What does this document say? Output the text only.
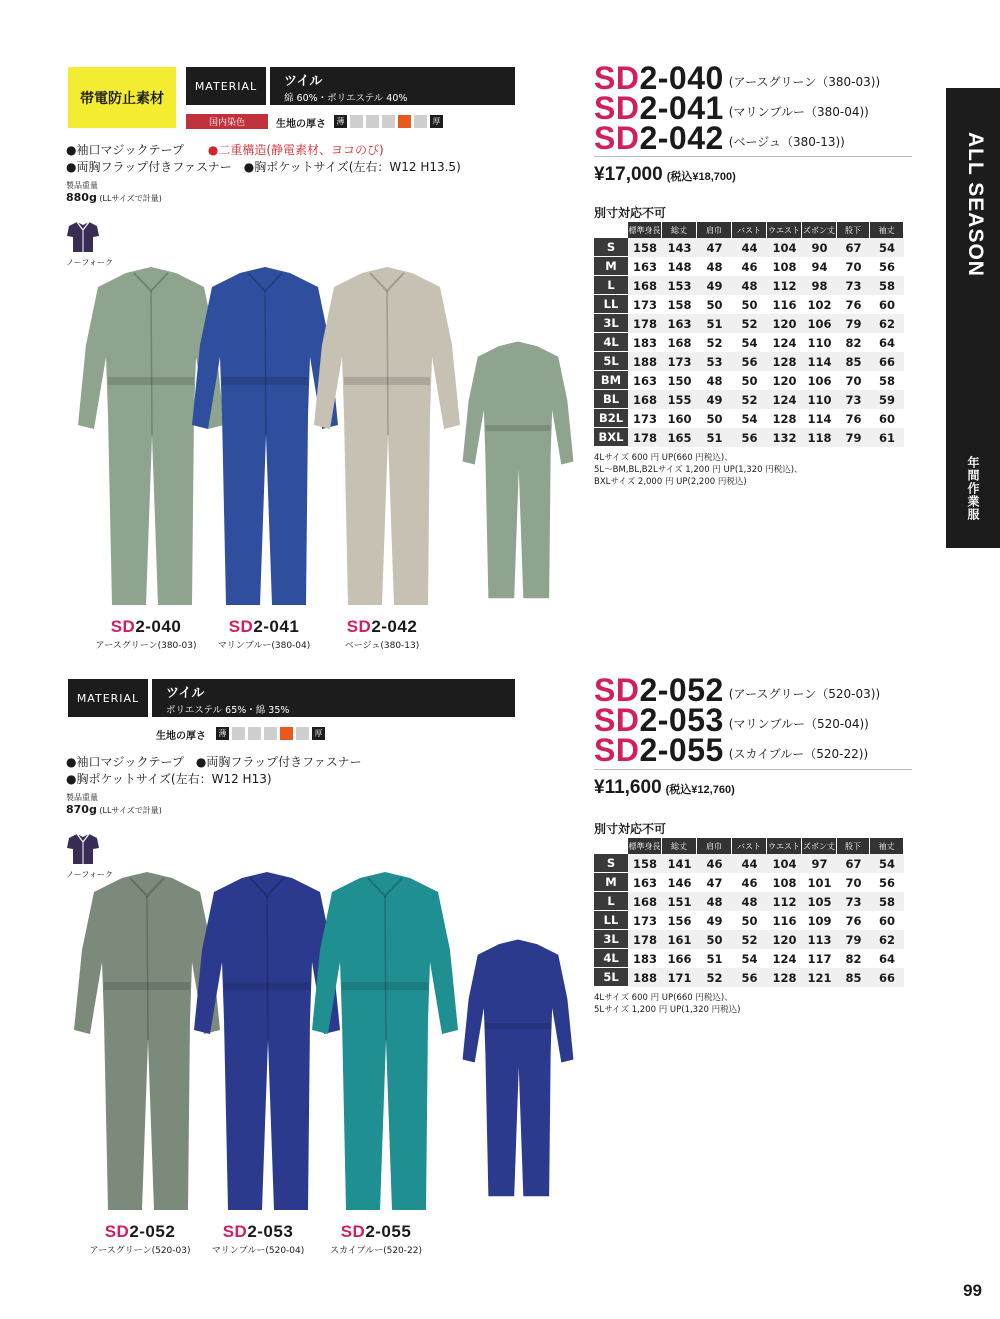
ALL SEASON
年間作業服
99
帯電防止素材
MATERIAL	ツイル
綿 60%・ポリエステル 40%
国内染色	生地の厚さ	薄	厚
●袖口マジックテープ　　 ●二重構造(静電素材、ヨコのび)
●両胸フラップ付きファスナー　 ●胸ポケットサイズ(左右：W12 H13.5)
製品重量
880g (LLサイズで計量)
ノーフォーク
SD2-040
アースグリーン(380-03)
SD2-041
マリンブルー(380-04)
SD2-042
ベージュ(380-13)
SD2-040 (アースグリーン（380-03))
SD2-041 (マリンブルー（380-04))
SD2-042 (ベージュ（380-13))
¥17,000 (税込¥18,700)
別寸対応不可
	標準身長	総丈	肩巾	バスト	ウエスト	ズボン丈	股下	袖丈
S	158	143	47	44	104	90	67	54
M	163	148	48	46	108	94	70	56
L	168	153	49	48	112	98	73	58
LL	173	158	50	50	116	102	76	60
3L	178	163	51	52	120	106	79	62
4L	183	168	52	54	124	110	82	64
5L	188	173	53	56	128	114	85	66
BM	163	150	48	50	120	106	70	58
BL	168	155	49	52	124	110	73	59
B2L	173	160	50	54	128	114	76	60
BXL	178	165	51	56	132	118	79	61
4Lサイズ 600 円 UP(660 円税込)、
5L～BM,BL,B2Lサイズ 1,200 円 UP(1,320 円税込)、
BXLサイズ 2,000 円 UP(2,200 円税込)
MATERIAL	ツイル
ポリエステル 65%・綿 35%
生地の厚さ	薄	厚
●袖口マジックテープ　●両胸フラップ付きファスナー
●胸ポケットサイズ(左右：W12 H13)
製品重量
870g (LLサイズで計量)
ノーフォーク
SD2-052
アースグリーン(520-03)
SD2-053
マリンブルー(520-04)
SD2-055
スカイブルー(520-22)
SD2-052 (アースグリーン（520-03))
SD2-053 (マリンブルー（520-04))
SD2-055 (スカイブルー（520-22))
¥11,600 (税込¥12,760)
別寸対応不可
	標準身長	総丈	肩巾	バスト	ウエスト	ズボン丈	股下	袖丈
S	158	141	46	44	104	97	67	54
M	163	146	47	46	108	101	70	56
L	168	151	48	48	112	105	73	58
LL	173	156	49	50	116	109	76	60
3L	178	161	50	52	120	113	79	62
4L	183	166	51	54	124	117	82	64
5L	188	171	52	56	128	121	85	66
4Lサイズ 600 円 UP(660 円税込)、
5Lサイズ 1,200 円 UP(1,320 円税込)
